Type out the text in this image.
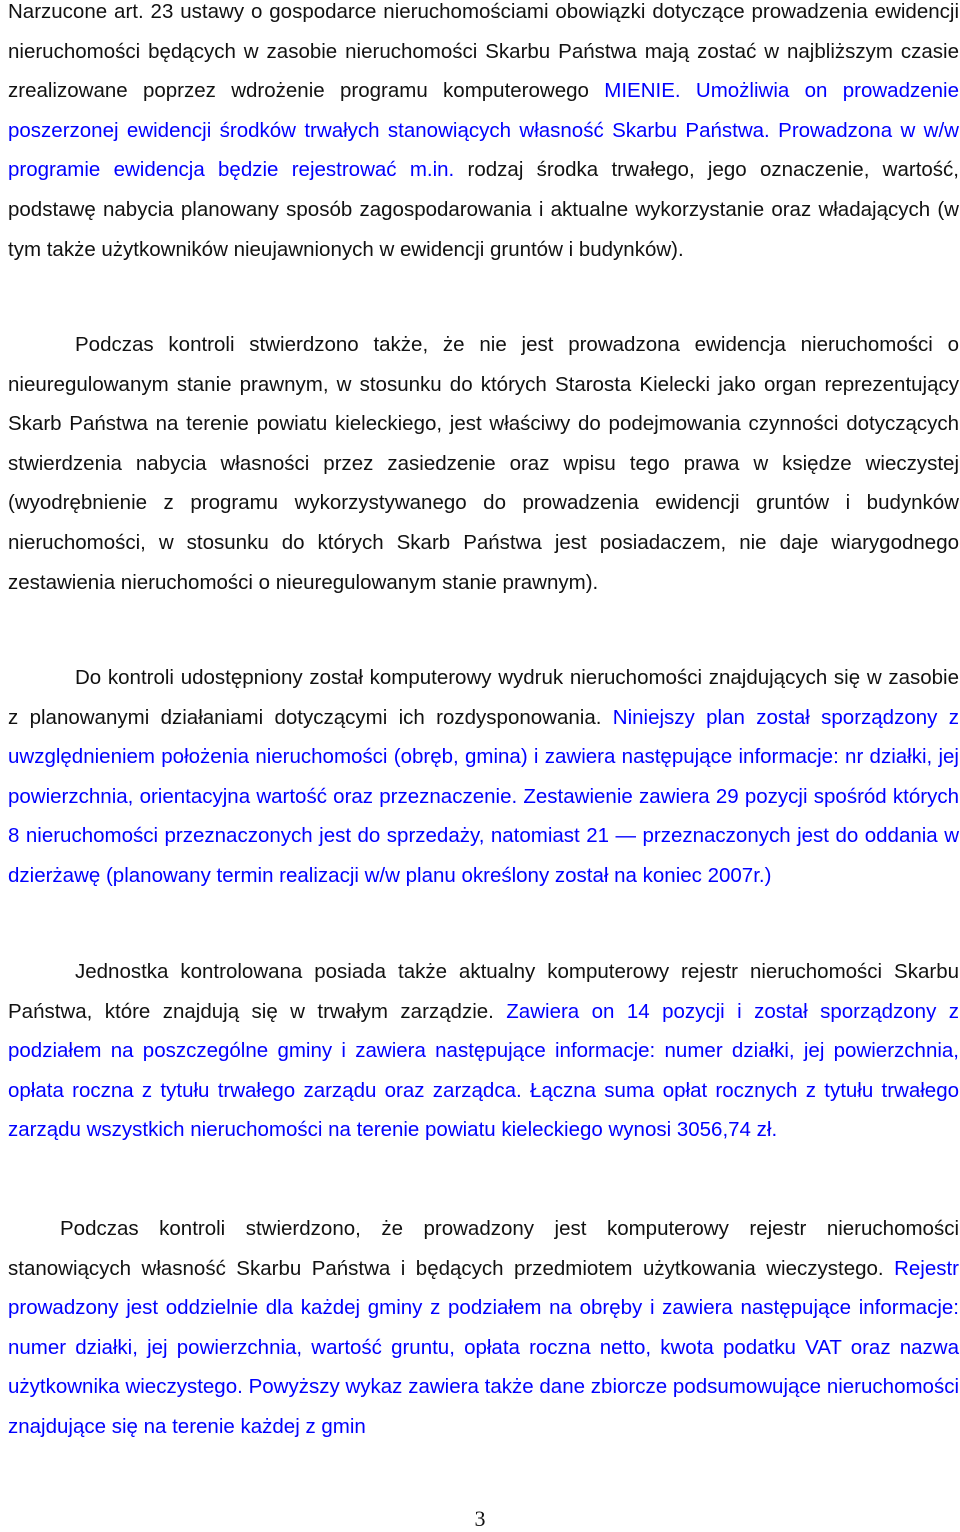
Narzucone art. 23 ustawy o gospodarce nieruchomościami obowiązki dotyczące prowadzenia ewidencji nieruchomości będących w zasobie nieruchomości Skarbu Państwa mają zostać w najbliższym czasie zrealizowane poprzez wdrożenie programu komputerowego MIENIE. Umożliwia on prowadzenie poszerzonej ewidencji środków trwałych stanowiących własność Skarbu Państwa. Prowadzona w w/w programie ewidencja będzie rejestrować m.in. rodzaj środka trwałego, jego oznaczenie, wartość, podstawę nabycia planowany sposób zagospodarowania i aktualne wykorzystanie oraz władających (w tym także użytkowników nieujawnionych w ewidencji gruntów i budynków).

Podczas kontroli stwierdzono także, że nie jest prowadzona ewidencja nieruchomości o nieuregulowanym stanie prawnym, w stosunku do których Starosta Kielecki jako organ reprezentujący Skarb Państwa na terenie powiatu kieleckiego, jest właściwy do podejmowania czynności dotyczących stwierdzenia nabycia własności przez zasiedzenie oraz wpisu tego prawa w księdze wieczystej (wyodrębnienie z programu wykorzystywanego do prowadzenia ewidencji gruntów i budynków nieruchomości, w stosunku do których Skarb Państwa jest posiadaczem, nie daje wiarygodnego zestawienia nieruchomości o nieuregulowanym stanie prawnym).

Do kontroli udostępniony został komputerowy wydruk nieruchomości znajdujących się w zasobie z planowanymi działaniami dotyczącymi ich rozdysponowania. Niniejszy plan został sporządzony z uwzględnieniem położenia nieruchomości (obręb, gmina) i zawiera następujące informacje: nr działki, jej powierzchnia, orientacyjna wartość oraz przeznaczenie. Zestawienie zawiera 29 pozycji spośród których 8 nieruchomości przeznaczonych jest do sprzedaży, natomiast 21 — przeznaczonych jest do oddania w dzierżawę (planowany termin realizacji w/w planu określony został na koniec 2007r.)

Jednostka kontrolowana posiada także aktualny komputerowy rejestr nieruchomości Skarbu Państwa, które znajdują się w trwałym zarządzie. Zawiera on 14 pozycji i został sporządzony z podziałem na poszczególne gminy i zawiera następujące informacje: numer działki, jej powierzchnia, opłata roczna z tytułu trwałego zarządu oraz zarządca. Łączna suma opłat rocznych z tytułu trwałego zarządu wszystkich nieruchomości na terenie powiatu kieleckiego wynosi 3056,74 zł.

Podczas kontroli stwierdzono, że prowadzony jest komputerowy rejestr nieruchomości stanowiących własność Skarbu Państwa i będących przedmiotem użytkowania wieczystego. Rejestr prowadzony jest oddzielnie dla każdej gminy z podziałem na obręby i zawiera następujące informacje: numer działki, jej powierzchnia, wartość gruntu, opłata roczna netto, kwota podatku VAT oraz nazwa użytkownika wieczystego. Powyższy wykaz zawiera także dane zbiorcze podsumowujące nieruchomości znajdujące się na terenie każdej z gmin

3
